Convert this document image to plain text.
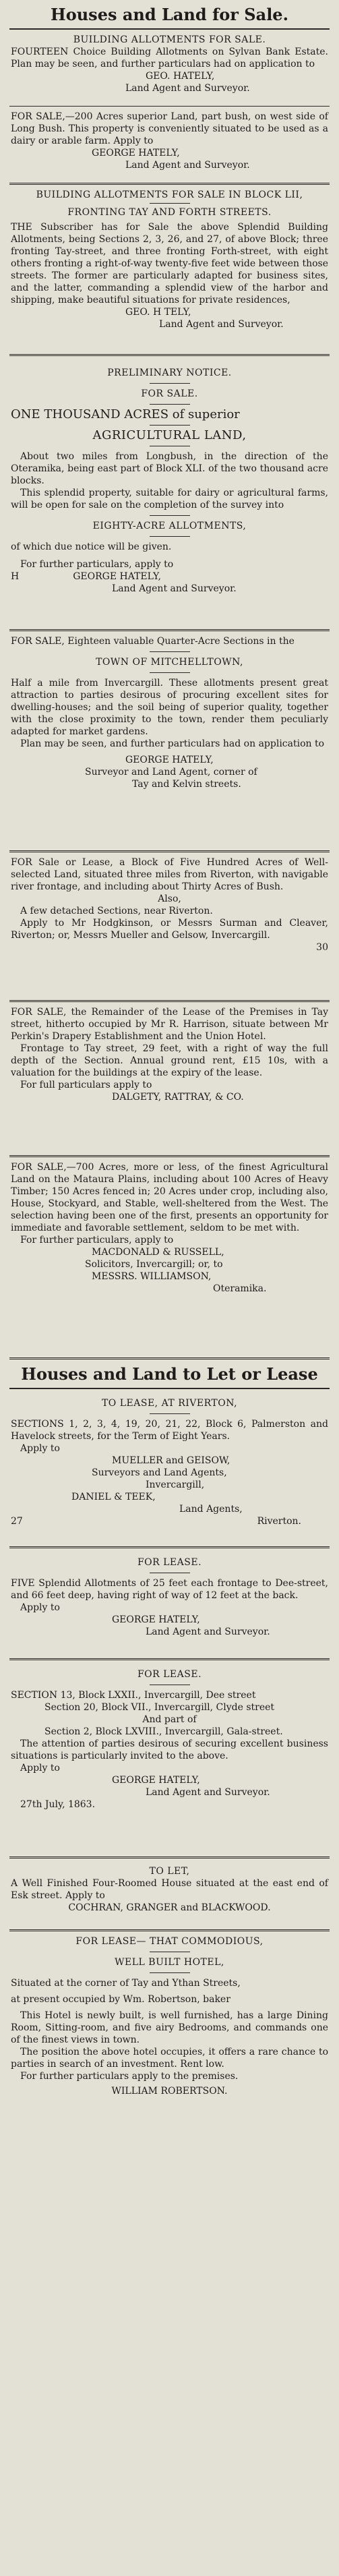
Houses and Land for Sale.

BUILDING ALLOTMENTS FOR SALE.

FOURTEEN Choice Building Allotments on Sylvan Bank Estate. Plan may be seen, and further particulars had on application to

GEO. HATELY,

Land Agent and Surveyor.

FOR SALE,—200 Acres superior Land, part bush, on west side of Long Bush. This property is conveniently situated to be used as a dairy or arable farm. Apply to

GEORGE HATELY,

Land Agent and Surveyor.

BUILDING ALLOTMENTS FOR SALE IN BLOCK LII,

FRONTING TAY AND FORTH STREETS.

THE Subscriber has for Sale the above Splendid Building Allotments, being Sections 2, 3, 26, and 27, of above Block; three fronting Tay-street, and three fronting Forth-street, with eight others fronting a right-of-way twenty-five feet wide between those streets. The former are particularly adapted for business sites, and the latter, commanding a splendid view of the harbor and shipping, make beautiful situations for private residences,

GEO. H TELY,

Land Agent and Surveyor.

PRELIMINARY NOTICE.

FOR SALE.

ONE THOUSAND ACRES of superior

AGRICULTURAL LAND,

About two miles from Longbush, in the direction of the Oteramika, being east part of Block XLI. of the two thousand acre blocks.

This splendid property, suitable for dairy or agricultural farms, will be open for sale on the completion of the survey into

EIGHTY-ACRE ALLOTMENTS,

of which due notice will be given.

For further particulars, apply to

H	GEORGE HATELY,

Land Agent and Surveyor.

FOR SALE, Eighteen valuable Quarter-Acre Sections in the

TOWN OF MITCHELLTOWN,

Half a mile from Invercargill. These allotments present great attraction to parties desirous of procuring excellent sites for dwelling-houses; and the soil being of superior quality, together with the close proximity to the town, render them peculiarly adapted for market gardens.

Plan may be seen, and further particulars had on application to

GEORGE HATELY,

Surveyor and Land Agent, corner of

Tay and Kelvin streets.

FOR Sale or Lease, a Block of Five Hundred Acres of Well-selected Land, situated three miles from Riverton, with navigable river frontage, and including about Thirty Acres of Bush.

Also,

A few detached Sections, near Riverton.

Apply to Mr Hodgkinson, or Messrs Surman and Cleaver, Riverton; or, Messrs Mueller and Gelsow, Invercargill.

30

FOR SALE, the Remainder of the Lease of the Premises in Tay street, hitherto occupied by Mr R. Harrison, situate between Mr Perkin's Drapery Establishment and the Union Hotel.

Frontage to Tay street, 29 feet, with a right of way the full depth of the Section. Annual ground rent, £15 10s, with a valuation for the buildings at the expiry of the lease.

For full particulars apply to

DALGETY, RATTRAY, & CO.

FOR SALE,—700 Acres, more or less, of the finest Agricultural Land on the Mataura Plains, including about 100 Acres of Heavy Timber; 150 Acres fenced in; 20 Acres under crop, including also, House, Stockyard, and Stable, well-sheltered from the West. The selection having been one of the first, presents an opportunity for immediate and favorable settlement, seldom to be met with.

For further particulars, apply to

MACDONALD & RUSSELL,

Solicitors, Invercargill; or, to

MESSRS. WILLIAMSON,

Oteramika.

Houses and Land to Let or Lease

TO LEASE, AT RIVERTON,

SECTIONS 1, 2, 3, 4, 19, 20, 21, 22, Block 6, Palmerston and Havelock streets, for the Term of Eight Years.

Apply to

MUELLER and GEISOW,

Surveyors and Land Agents,

Invercargill,

DANIEL & TEEK,

Land Agents,

27	Riverton.

FOR LEASE.

FIVE Splendid Allotments of 25 feet each frontage to Dee-street, and 66 feet deep, having right of way of 12 feet at the back.

Apply to

GEORGE HATELY,

Land Agent and Surveyor.

FOR LEASE.

SECTION 13, Block LXXII., Invercargill, Dee street

Section 20, Block VII., Invercargill, Clyde street

And part of

Section 2, Block LXVIII., Invercargill, Gala-street.

The attention of parties desirous of securing excellent business situations is particularly invited to the above.

Apply to

GEORGE HATELY,

Land Agent and Surveyor.

27th July, 1863.

TO LET,

A Well Finished Four-Roomed House situated at the east end of Esk street. Apply to

COCHRAN, GRANGER and BLACKWOOD.

FOR LEASE— THAT COMMODIOUS,

WELL BUILT HOTEL,

Situated at the corner of Tay and Ythan Streets,

at present occupied by Wm. Robertson, baker

This Hotel is newly built, is well furnished, has a large Dining Room, Sitting-room, and five airy Bedrooms, and commands one of the finest views in town.

The position the above hotel occupies, it offers a rare chance to parties in search of an investment. Rent low.

For further particulars apply to the premises.

WILLIAM ROBERTSON.
